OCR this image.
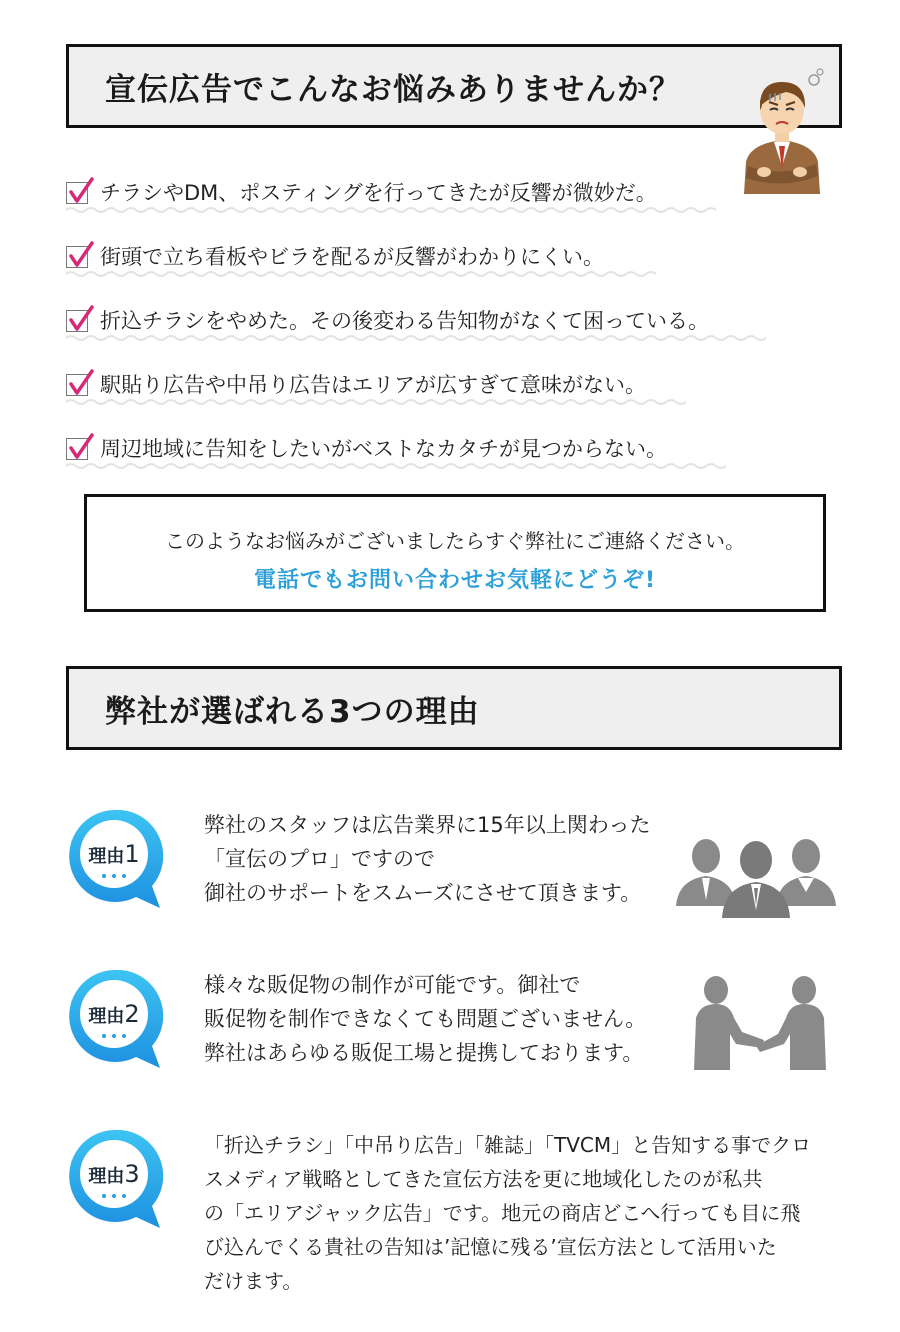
宣伝広告でこんなお悩みありませんか？
チラシやDM、ポスティングを行ってきたが反響が微妙だ。
街頭で立ち看板やビラを配るが反響がわかりにくい。
折込チラシをやめた。その後変わる告知物がなくて困っている。
駅貼り広告や中吊り広告はエリアが広すぎて意味がない。
周辺地域に告知をしたいがベストなカタチが見つからない。
このようなお悩みがございましたらすぐ弊社にご連絡ください。
電話でもお問い合わせお気軽にどうぞ!
弊社が選ばれる3つの理由
理由1
弊社のスタッフは広告業界に15年以上関わった
「宣伝のプロ」ですので
御社のサポートをスムーズにさせて頂きます。
理由2
様々な販促物の制作が可能です。御社で
販促物を制作できなくても問題ございません。
弊社はあらゆる販促工場と提携しております。
理由3
「折込チラシ」「中吊り広告」「雑誌」「TVCM」と告知する事でクロ
スメディア戦略としてきた宣伝方法を更に地域化したのが私共
の「エリアジャック広告」です。地元の商店どこへ行っても目に飛
び込んでくる貴社の告知は’記憶に残る’宣伝方法として活用いた
だけます。
